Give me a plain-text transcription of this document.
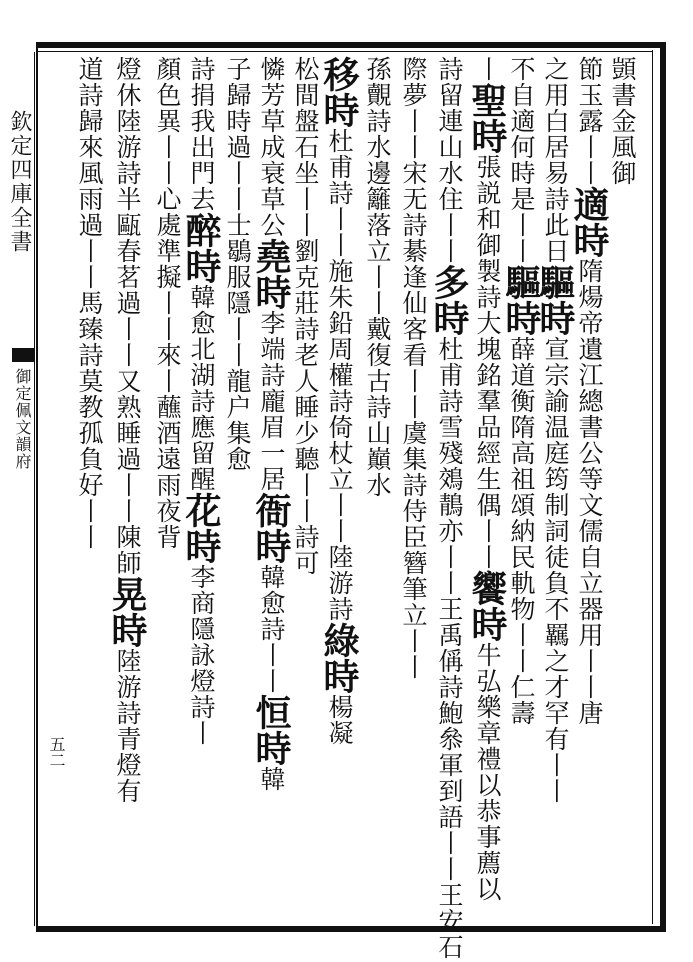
欽定四庫全書
御定佩文韻府
五二
顗書金風御
節玉露丨丨適時隋煬帝遺江總書公等文儒自立器用丨丨唐
之用白居易詩此日驅時宣宗諭温庭筠制詞徒負不羈之才罕有丨丨
不自適何時是丨丨驅時薛道衡隋高祖頌納民軌物丨丨仁壽
丨聖時張説和御製詩大塊銘羣品經生偶丨丨饗時牛弘樂章禮以恭事薦以
詩留連山水住丨丨多時杜甫詩雪殘鵁鶄亦丨丨王禹偁詩鮑叅軍到語丨丨王安石
際夢丨丨宋无詩綦逢仙客看丨丨虞集詩侍臣簪筆立丨丨
孫覿詩水邊籬落立丨丨戴復古詩山巔水
移時杜甫詩丨丨施朱鉛周權詩倚杖立丨丨陸游詩綠時楊凝
松間盤石坐丨丨劉克莊詩老人睡少聽丨丨詩可
憐芳草成衰草公堯時李端詩龐眉一居衙時韓愈詩丨丨恒時韓
子歸時過丨丨士鶡服隱丨丨龍户集愈
詩捐我出門去醉時韓愈北湖詩應留醒花時李商隱詠燈詩丨
顏色異丨丨心處準擬丨丨來丨蘸酒遠雨夜背
燈休陸游詩半甌春茗過丨丨又熟睡過丨丨陳師晃時陸游詩青燈有
道詩歸來風雨過丨丨馬臻詩莫教孤負好丨丨
